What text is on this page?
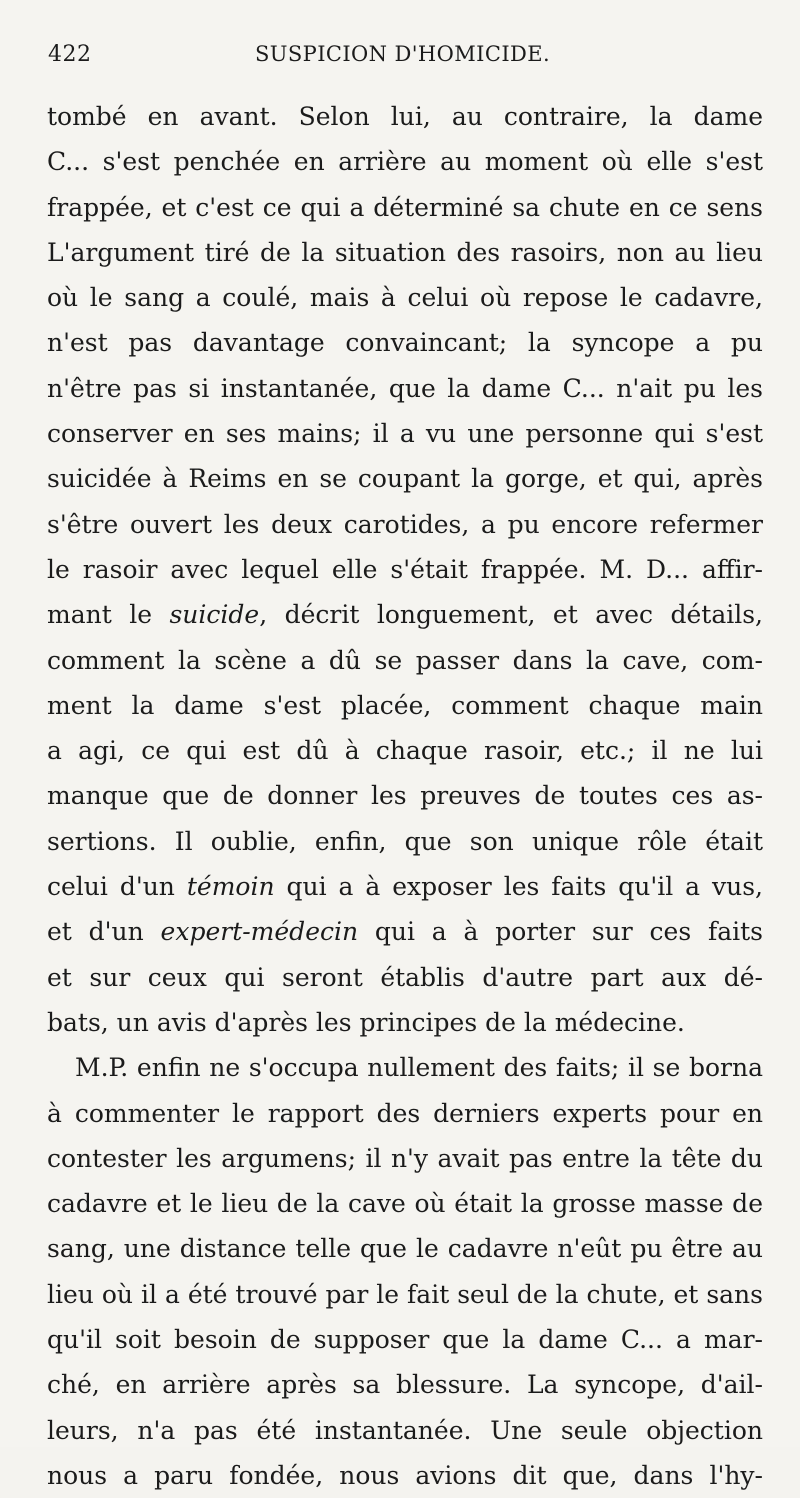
422	SUSPICION D'HOMICIDE.
tombé en avant. Selon lui, au contraire, la dame
C... s'est penchée en arrière au moment où elle s'est
frappée, et c'est ce qui a déterminé sa chute en ce sens
L'argument tiré de la situation des rasoirs, non au lieu
où le sang a coulé, mais à celui où repose le cadavre,
n'est pas davantage convaincant; la syncope a pu
n'être pas si instantanée, que la dame C... n'ait pu les
conserver en ses mains; il a vu une personne qui s'est
suicidée à Reims en se coupant la gorge, et qui, après
s'être ouvert les deux carotides, a pu encore refermer
le rasoir avec lequel elle s'était frappée. M. D... affir-
mant le suicide, décrit longuement, et avec détails,
comment la scène a dû se passer dans la cave, com-
ment la dame s'est placée, comment chaque main
a agi, ce qui est dû à chaque rasoir, etc.; il ne lui
manque que de donner les preuves de toutes ces as-
sertions. Il oublie, enfin, que son unique rôle était
celui d'un témoin qui a à exposer les faits qu'il a vus,
et d'un expert-médecin qui a à porter sur ces faits
et sur ceux qui seront établis d'autre part aux dé-
bats, un avis d'après les principes de la médecine.
M.P. enfin ne s'occupa nullement des faits; il se borna
à commenter le rapport des derniers experts pour en
contester les argumens; il n'y avait pas entre la tête du
cadavre et le lieu de la cave où était la grosse masse de
sang, une distance telle que le cadavre n'eût pu être au
lieu où il a été trouvé par le fait seul de la chute, et sans
qu'il soit besoin de supposer que la dame C... a mar-
ché, en arrière après sa blessure. La syncope, d'ail-
leurs, n'a pas été instantanée. Une seule objection
nous a paru fondée, nous avions dit que, dans l'hy-
